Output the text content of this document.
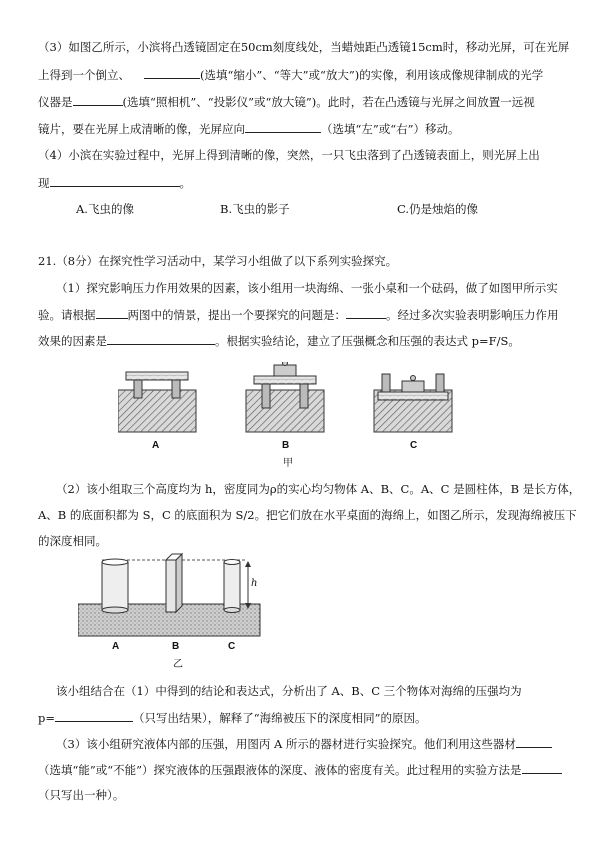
（3）如图乙所示，小滨将凸透镜固定在50cm刻度线处，当蜡烛距凸透镜15cm时，移动光屏，可在光屏
上得到一个倒立、	(选填“缩小”、“等大”或“放大”)的实像，利用该成像规律制成的光学
仪器是	(选填“照相机”、“投影仪”或“放大镜”)。此时，若在凸透镜与光屏之间放置一远视
镜片，要在光屏上成清晰的像，光屏应向	（选填“左”或“右”）移动。
（4）小滨在实验过程中，光屏上得到清晰的像，突然，一只飞虫落到了凸透镜表面上，则光屏上出
现	。
A.飞虫的像	B.飞虫的影子	C.仍是烛焰的像
21.（8分）在探究性学习活动中，某学习小组做了以下系列实验探究。
（1）探究影响压力作用效果的因素，该小组用一块海绵、一张小桌和一个砝码，做了如图甲所示实
验。请根据	两图中的情景，提出一个要探究的问题是：	。经过多次实验表明影响压力作用
效果的因素是	。根据实验结论，建立了压强概念和压强的表达式 p=F/S。
A	B	C
甲
（2）该小组取三个高度均为 h，密度同为ρ的实心均匀物体 A、B、C。A、C 是圆柱体，B 是长方体，
A、B 的底面积都为 S，C 的底面积为 S/2。把它们放在水平桌面的海绵上，如图乙所示，发现海绵被压下
的深度相同。
h
A	B	C
乙
该小组结合在（1）中得到的结论和表达式，分析出了 A、B、C 三个物体对海绵的压强均为
p=	（只写出结果），解释了“海绵被压下的深度相同”的原因。
（3）该小组研究液体内部的压强，用图丙 A 所示的器材进行实验探究。他们利用这些器材
（选填“能”或“不能”）探究液体的压强跟液体的深度、液体的密度有关。此过程用的实验方法是
（只写出一种）。
